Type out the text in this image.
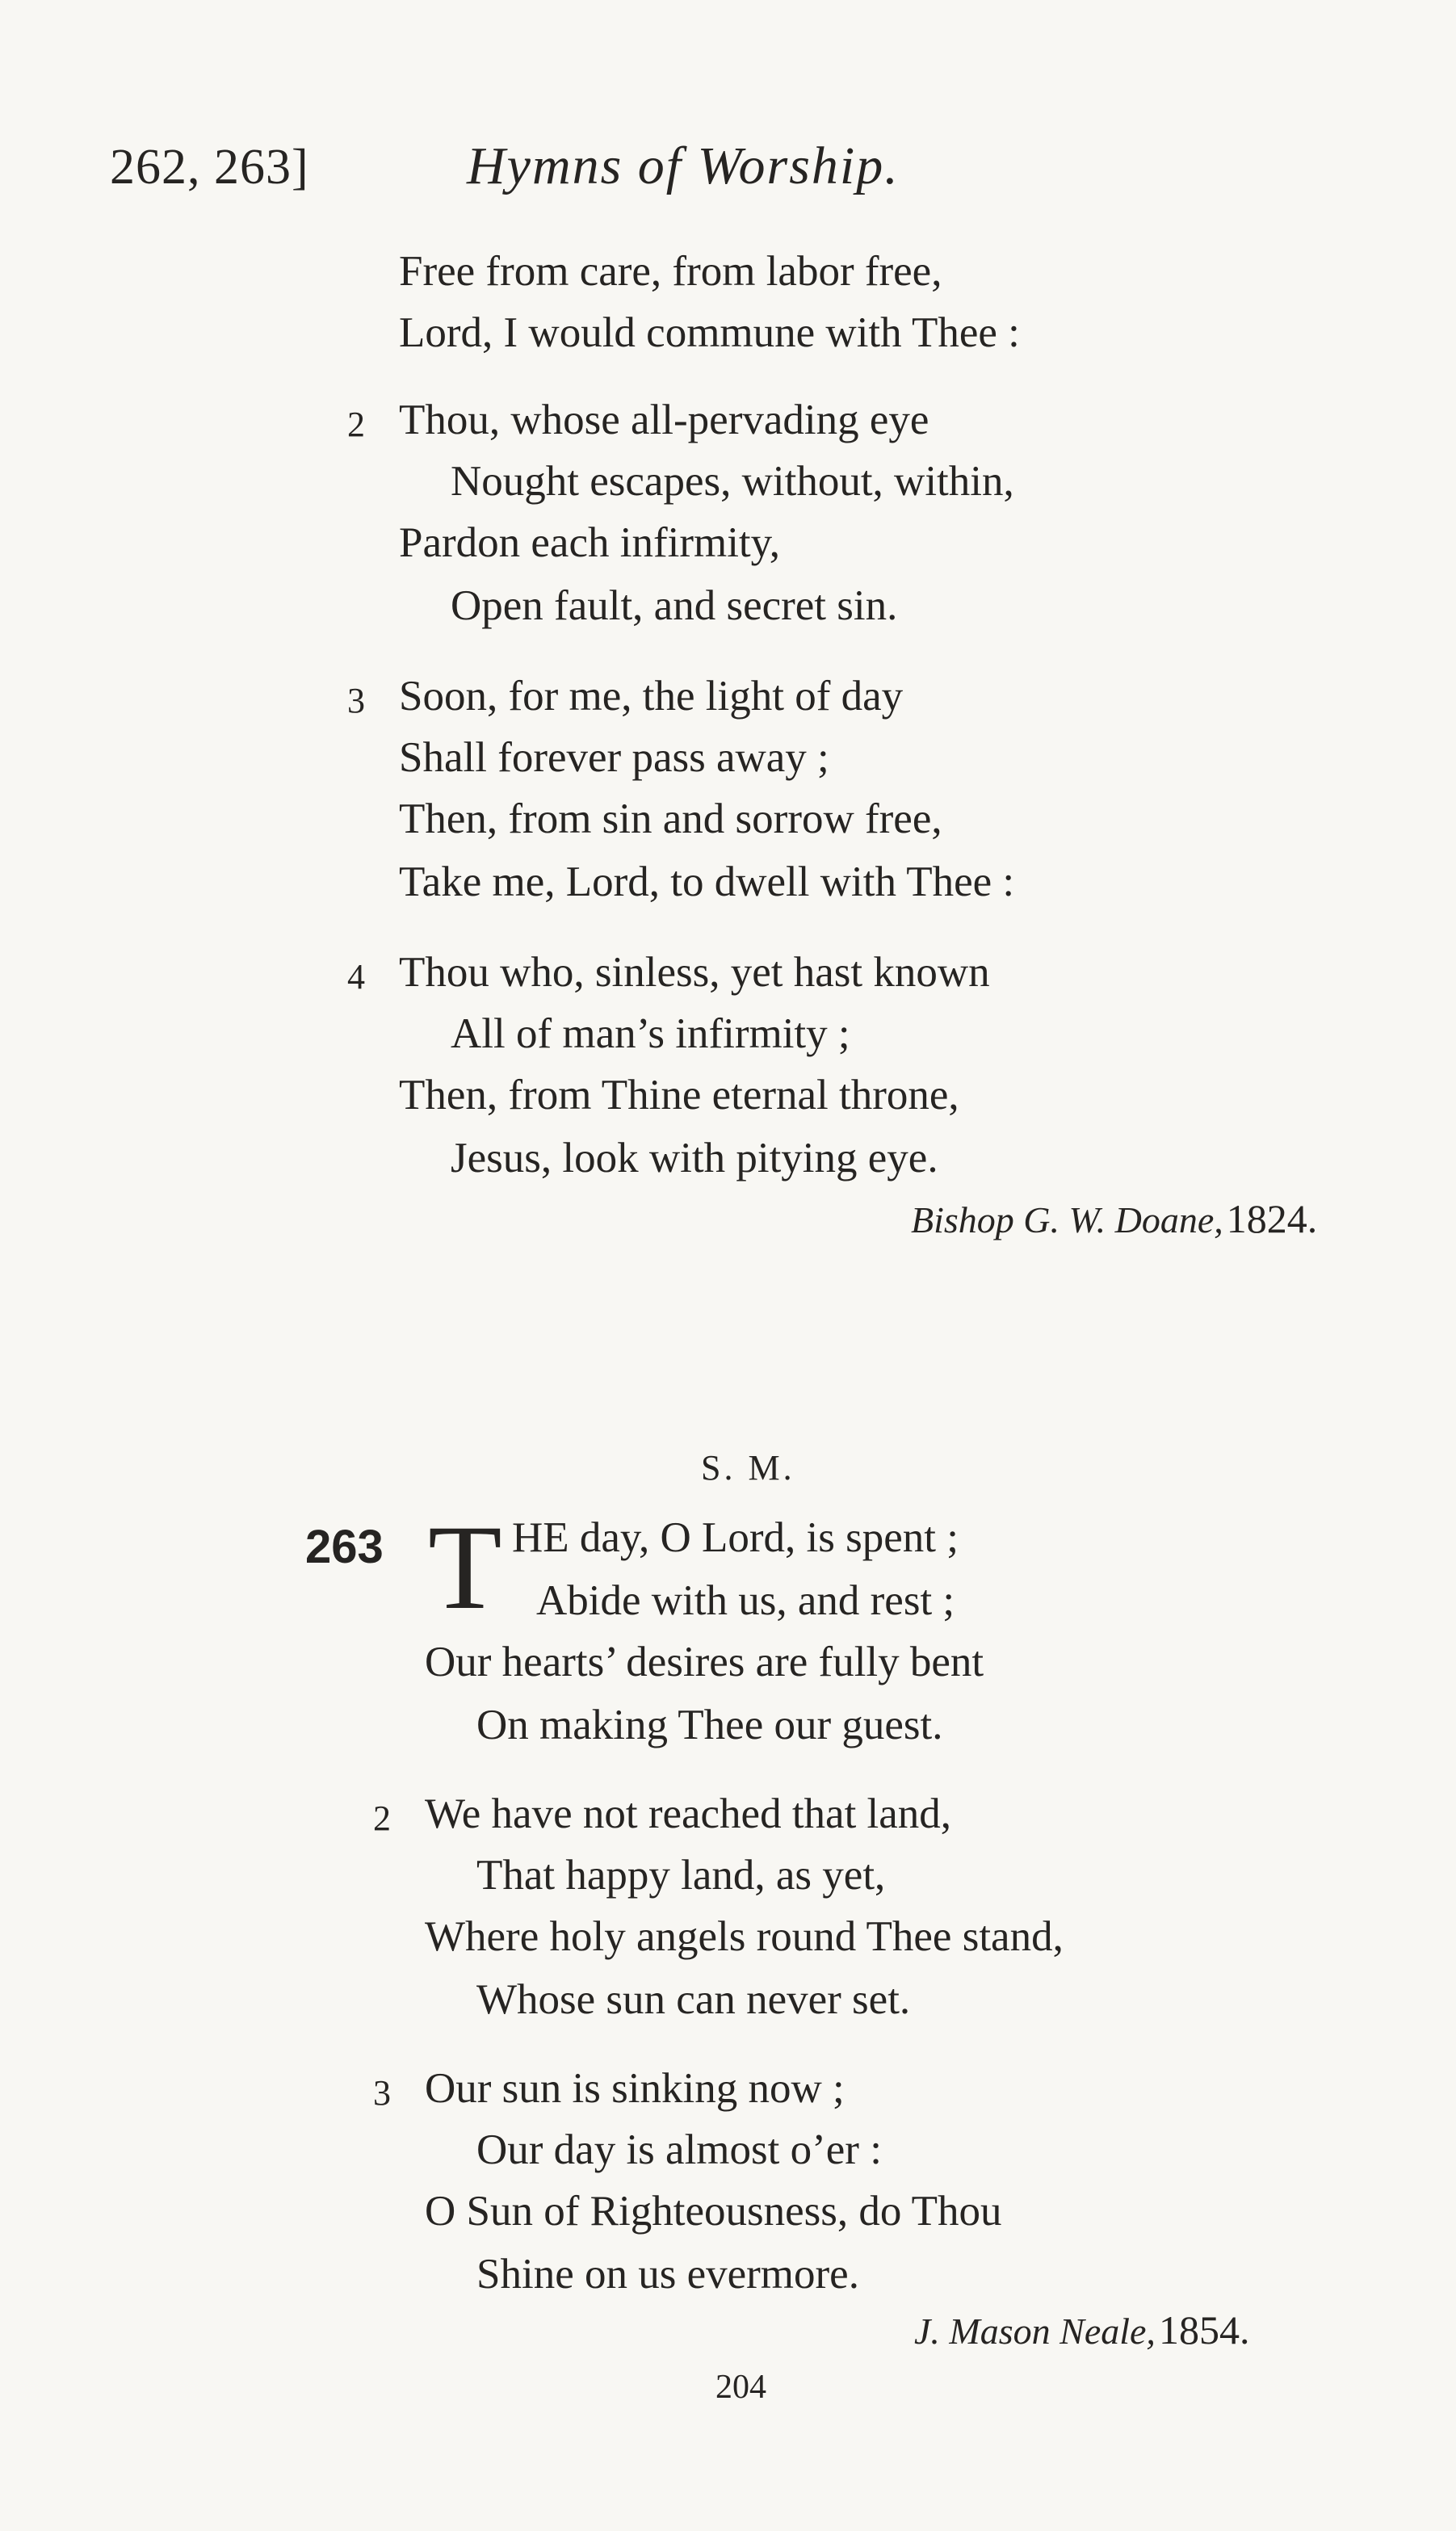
262, 263]	Hymns of Worship.
Free from care, from labor free,
Lord, I would commune with Thee :
2 Thou, whose all-pervading eye
Nought escapes, without, within,
Pardon each infirmity,
Open fault, and secret sin.
3 Soon, for me, the light of day
Shall forever pass away ;
Then, from sin and sorrow free,
Take me, Lord, to dwell with Thee :
4 Thou who, sinless, yet hast known
All of man’s infirmity ;
Then, from Thine eternal throne,
Jesus, look with pitying eye.
Bishop G. W. Doane, 1824.
S. M.
263 T HE day, O Lord, is spent ;
Abide with us, and rest ;
Our hearts’ desires are fully bent
On making Thee our guest.
2 We have not reached that land,
That happy land, as yet,
Where holy angels round Thee stand,
Whose sun can never set.
3 Our sun is sinking now ;
Our day is almost o’er :
O Sun of Righteousness, do Thou
Shine on us evermore.
J. Mason Neale, 1854.
204
